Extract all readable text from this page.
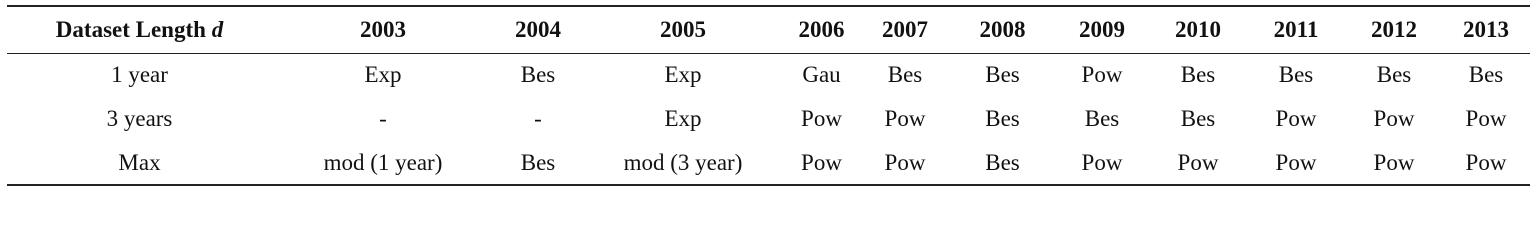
Dataset Length d	2003	2004	2005	2006	2007	2008	2009	2010	2011	2012	2013
1 year	Exp	Bes	Exp	Gau	Bes	Bes	Pow	Bes	Bes	Bes	Bes
3 years	-	-	Exp	Pow	Pow	Bes	Bes	Bes	Pow	Pow	Pow
Max	mod (1 year)	Bes	mod (3 year)	Pow	Pow	Bes	Pow	Pow	Pow	Pow	Pow
